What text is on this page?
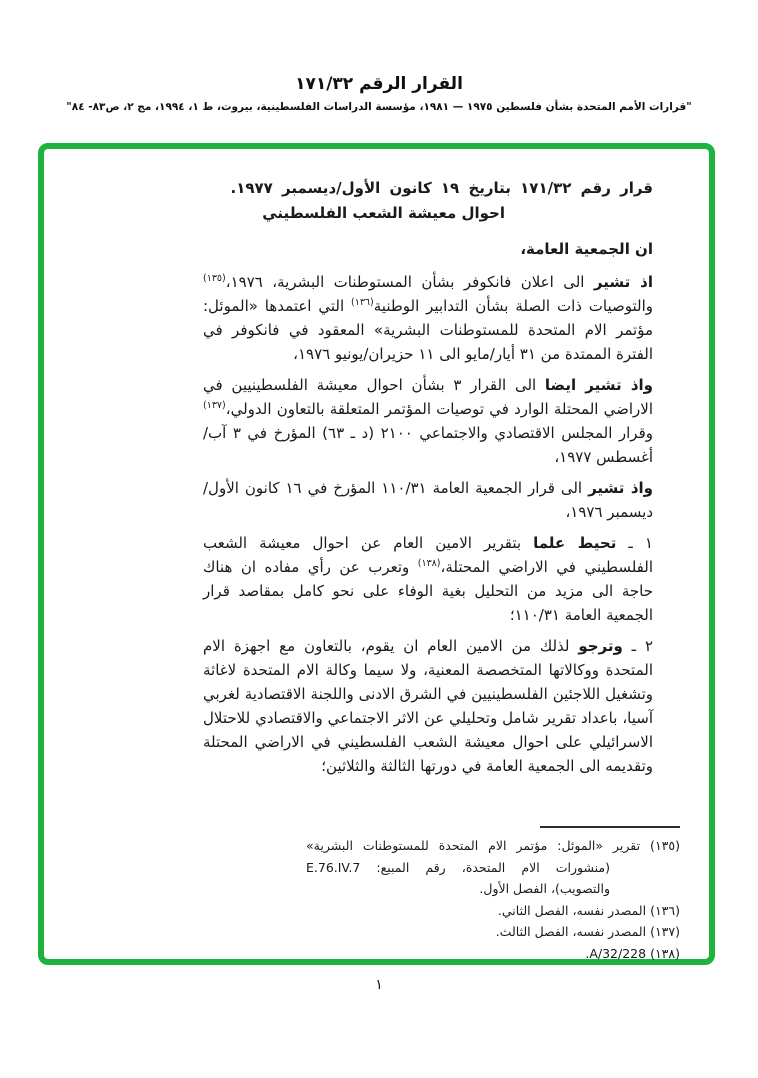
القرار الرقم ١٧١/٣٢
"قرارات الأمم المتحدة بشأن فلسطين ١٩٧٥ — ١٩٨١، مؤسسة الدراسات الفلسطينية، بيروت، ط ١، ١٩٩٤، مج ٢، ص٨٣- ٨٤"

قرار رقم ١٧١/٣٢ بتاريخ ١٩ كانون الأول/ديسمبر ١٩٧٧.

احوال معيشة الشعب الفلسطيني

ان الجمعية العامة،

اذ تشير الى اعلان فانكوفر بشأن المستوطنات البشرية، ١٩٧٦،$^{(١٣٥)}$ والتوصيات ذات الصلة بشأن التدابير الوطنية$^{(١٣٦)}$ التي اعتمدها «الموئل: مؤتمر الام المتحدة للمستوطنات البشرية» المعقود في فانكوفر في الفترة الممتدة من ٣١ أيار/مايو الى ١١ حزيران/يونيو ١٩٧٦،

واذ تشير ايضا الى القرار ٣ بشأن احوال معيشة الفلسطينيين في الاراضي المحتلة الوارد في توصيات المؤتمر المتعلقة بالتعاون الدولي،$^{(١٣٧)}$ وقرار المجلس الاقتصادي والاجتماعي ٢١٠٠ (د ـ ٦٣) المؤرخ في ٣ آب/أغسطس ١٩٧٧،

واذ تشير الى قرار الجمعية العامة ١١٠/٣١ المؤرخ في ١٦ كانون الأول/ديسمبر ١٩٧٦،

١ ـ تحيط علما بتقرير الامين العام عن احوال معيشة الشعب الفلسطيني في الاراضي المحتلة،$^{(١٣٨)}$ وتعرب عن رأي مفاده ان هناك حاجة الى مزيد من التحليل بغية الوفاء على نحو كامل بمقاصد قرار الجمعية العامة ١١٠/٣١؛

٢ ـ وترجو لذلك من الامين العام ان يقوم، بالتعاون مع اجهزة الام المتحدة ووكالاتها المتخصصة المعنية، ولا سيما وكالة الام المتحدة لاغاثة وتشغيل اللاجئين الفلسطينيين في الشرق الادنى واللجنة الاقتصادية لغربي آسيا، باعداد تقرير شامل وتحليلي عن الاثر الاجتماعي والاقتصادي للاحتلال الاسرائيلي على احوال معيشة الشعب الفلسطيني في الاراضي المحتلة وتقديمه الى الجمعية العامة في دورتها الثالثة والثلاثين؛

(١٣٥) تقرير «الموئل: مؤتمر الام المتحدة للمستوطنات البشرية» (منشورات الام المتحدة، رقم المبيع: E.76.IV.7 والتصويب)، الفصل الأول.

(١٣٦) المصدر نفسه، الفصل الثاني.

(١٣٧) المصدر نفسه، الفصل الثالث.

(١٣٨) A/32/228.

١
